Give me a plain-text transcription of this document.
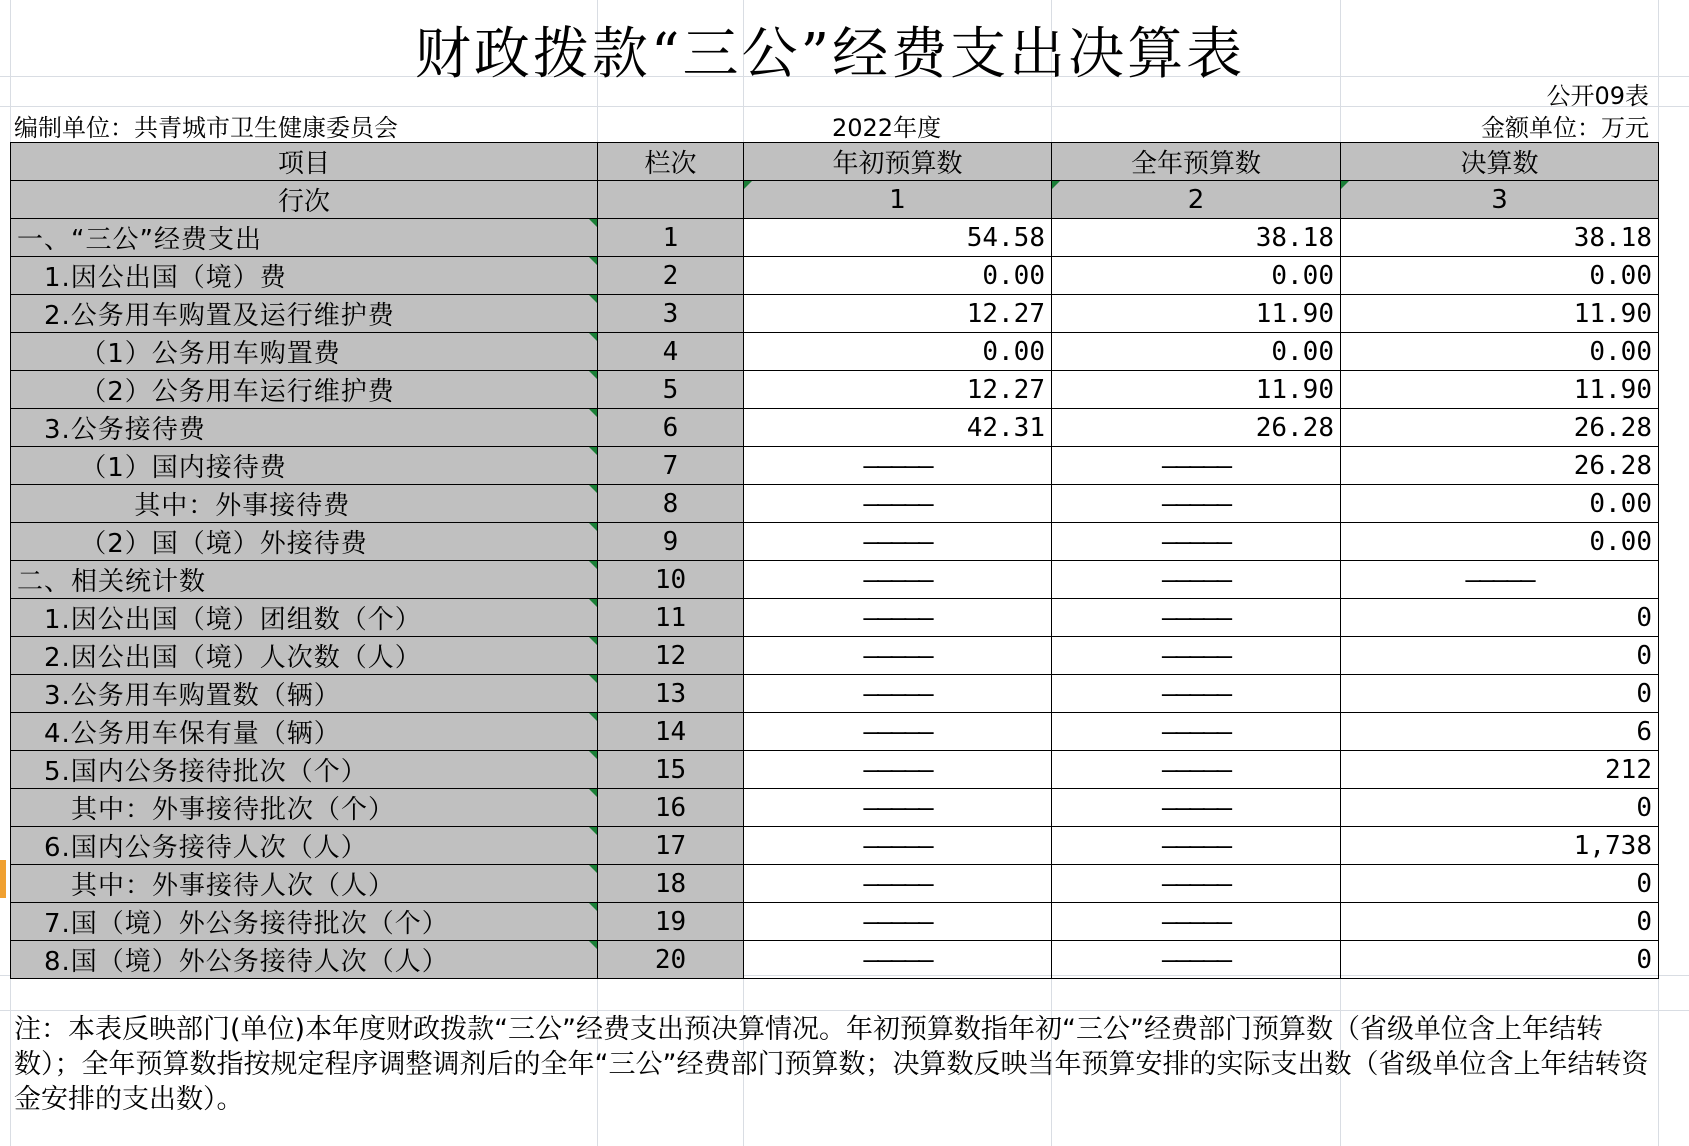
财政拨款“三公”经费支出决算表
公开09表
编制单位：共青城市卫生健康委员会	2022年度	金额单位：万元
项目	栏次	年初预算数	全年预算数	决算数
行次		1	2	3
一、“三公”经费支出	1	54.58	38.18	38.18
　1.因公出国（境）费	2	0.00	0.00	0.00
　2.公务用车购置及运行维护费	3	12.27	11.90	11.90
　　 （1）公务用车购置费	4	0.00	0.00	0.00
　　 （2）公务用车运行维护费	5	12.27	11.90	11.90
　3.公务接待费	6	42.31	26.28	26.28
　　 （1）国内接待费	7	—————	—————	26.28
　　　　 其中：外事接待费	8	—————	—————	0.00
　　 （2）国（境）外接待费	9	—————	—————	0.00
二、相关统计数	10	—————	—————	—————
　1.因公出国（境）团组数（个）	11	—————	—————	0
　2.因公出国（境）人次数（人）	12	—————	—————	0
　3.公务用车购置数（辆）	13	—————	—————	0
　4.公务用车保有量（辆）	14	—————	—————	6
　5.国内公务接待批次（个）	15	—————	—————	212
　　其中：外事接待批次（个）	16	—————	—————	0
　6.国内公务接待人次（人）	17	—————	—————	1,738
　　其中：外事接待人次（人）	18	—————	—————	0
　7.国（境）外公务接待批次（个）	19	—————	—————	0
　8.国（境）外公务接待人次（人）	20	—————	—————	0
注：本表反映部门(单位)本年度财政拨款“三公”经费支出预决算情况。年初预算数指年初“三公”经费部门预算数（省级单位含上年结转数）；全年预算数指按规定程序调整调剂后的全年“三公”经费部门预算数；决算数反映当年预算安排的实际支出数（省级单位含上年结转资金安排的支出数）。
